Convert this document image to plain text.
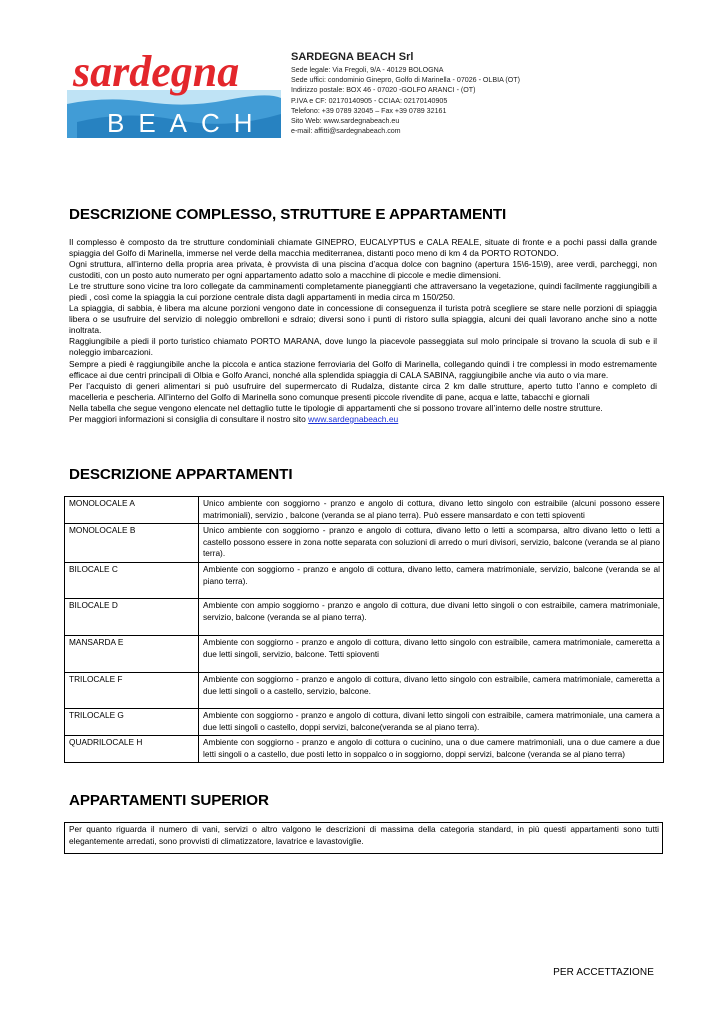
sardegna
BEACH
SARDEGNA BEACH Srl
Sede legale: Via Fregoli, 9/A - 40129 BOLOGNA
Sede uffici: condominio Ginepro, Golfo di Marinella - 07026 - OLBIA (OT)
Indirizzo postale: BOX 46 - 07020 -GOLFO ARANCI - (OT)
P.IVA e CF: 02170140905 - CCIAA: 02170140905
Telefono: +39 0789 32045 – Fax +39 0789 32161
Sito Web: www.sardegnabeach.eu
e-mail: affitti@sardegnabeach.com
DESCRIZIONE COMPLESSO, STRUTTURE E APPARTAMENTI

Il complesso è composto da tre strutture condominiali chiamate GINEPRO, EUCALYPTUS e CALA REALE, situate di fronte e a pochi passi dalla grande spiaggia del Golfo di Marinella, immerse nel verde della macchia mediterranea, distanti poco meno di km 4 da PORTO ROTONDO.

Ogni struttura, all’interno della propria area privata, è provvista di una piscina d’acqua dolce con bagnino (apertura 15\6-15\9), aree verdi, parcheggi, non custoditi, con un posto auto numerato per ogni appartamento adatto solo a macchine di piccole e medie dimensioni.

Le tre strutture sono vicine tra loro collegate da camminamenti completamente pianeggianti che attraversano la vegetazione, quindi facilmente raggiungibili a piedi , così come la spiaggia la cui porzione centrale dista dagli appartamenti in media circa m 150/250.

La spiaggia, di sabbia, è libera ma alcune porzioni vengono date in concessione di conseguenza il turista potrà scegliere se stare nelle porzioni di spiaggia libera o se usufruire del servizio di noleggio ombrelloni e sdraio; diversi sono i punti di ristoro sulla spiaggia, alcuni dei quali lavorano anche sino a notte inoltrata.

Raggiungibile a piedi il porto turistico chiamato PORTO MARANA, dove lungo la piacevole passeggiata sul molo principale si trovano la scuola di sub e il noleggio imbarcazioni.

Sempre a piedi è raggiungibile anche la piccola e antica stazione ferroviaria del Golfo di Marinella, collegando quindi i tre complessi in modo estremamente efficace ai due centri principali di Olbia e Golfo Aranci, nonché alla splendida spiaggia di CALA SABINA, raggiungibile anche via auto o via mare.

Per l’acquisto di generi alimentari si può usufruire del supermercato di Rudalza, distante circa 2 km dalle strutture, aperto tutto l’anno e completo di macelleria e pescheria. All’interno del Golfo di Marinella sono comunque presenti piccole rivendite di pane, acqua e latte, tabacchi e giornali

Nella tabella che segue vengono elencate nel dettaglio tutte le tipologie di appartamenti che si possono trovare all’interno delle nostre strutture.

Per maggiori informazioni si consiglia di consultare il nostro sito www.sardegnabeach.eu

DESCRIZIONE APPARTAMENTI
MONOLOCALE A	Unico ambiente con soggiorno - pranzo e angolo di cottura, divano letto singolo con estraibile (alcuni possono essere matrimoniali), servizio , balcone (veranda se al piano terra). Può essere mansardato e con tetti spioventi
MONOLOCALE B	Unico ambiente con soggiorno - pranzo e angolo di cottura, divano letto o letti a scomparsa, altro divano letto o letti a castello possono essere in zona notte separata con soluzioni di arredo o muri divisori, servizio, balcone (veranda se al piano terra).
BILOCALE C	Ambiente con soggiorno - pranzo e angolo di cottura, divano letto, camera matrimoniale, servizio, balcone (veranda se al piano terra).
BILOCALE D	Ambiente con ampio soggiorno - pranzo e angolo di cottura, due divani letto singoli o con estraibile, camera matrimoniale, servizio, balcone (veranda se al piano terra).
MANSARDA E	Ambiente con soggiorno - pranzo e angolo di cottura, divano letto singolo con estraibile, camera matrimoniale, cameretta a due letti singoli, servizio, balcone. Tetti spioventi
TRILOCALE F	Ambiente con soggiorno - pranzo e angolo di cottura, divano letto singolo con estraibile, camera matrimoniale, cameretta a due letti singoli o a castello, servizio, balcone.
TRILOCALE G	Ambiente con soggiorno - pranzo e angolo di cottura, divani letto singoli con estraibile, camera matrimoniale, una camera a due letti singoli o castello, doppi servizi, balcone(veranda se al piano terra).
QUADRILOCALE H	Ambiente con soggiorno - pranzo e angolo di cottura o cucinino, una o due camere matrimoniali, una o due camere a due letti singoli o a castello, due posti letto in soppalco o in soggiorno, doppi servizi, balcone (veranda se al piano terra)
APPARTAMENTI SUPERIOR
Per quanto riguarda il numero di vani, servizi o altro valgono le descrizioni di massima della categoria standard, in più questi appartamenti sono tutti elegantemente arredati, sono provvisti di climatizzatore, lavatrice e lavastoviglie.
PER ACCETTAZIONE
